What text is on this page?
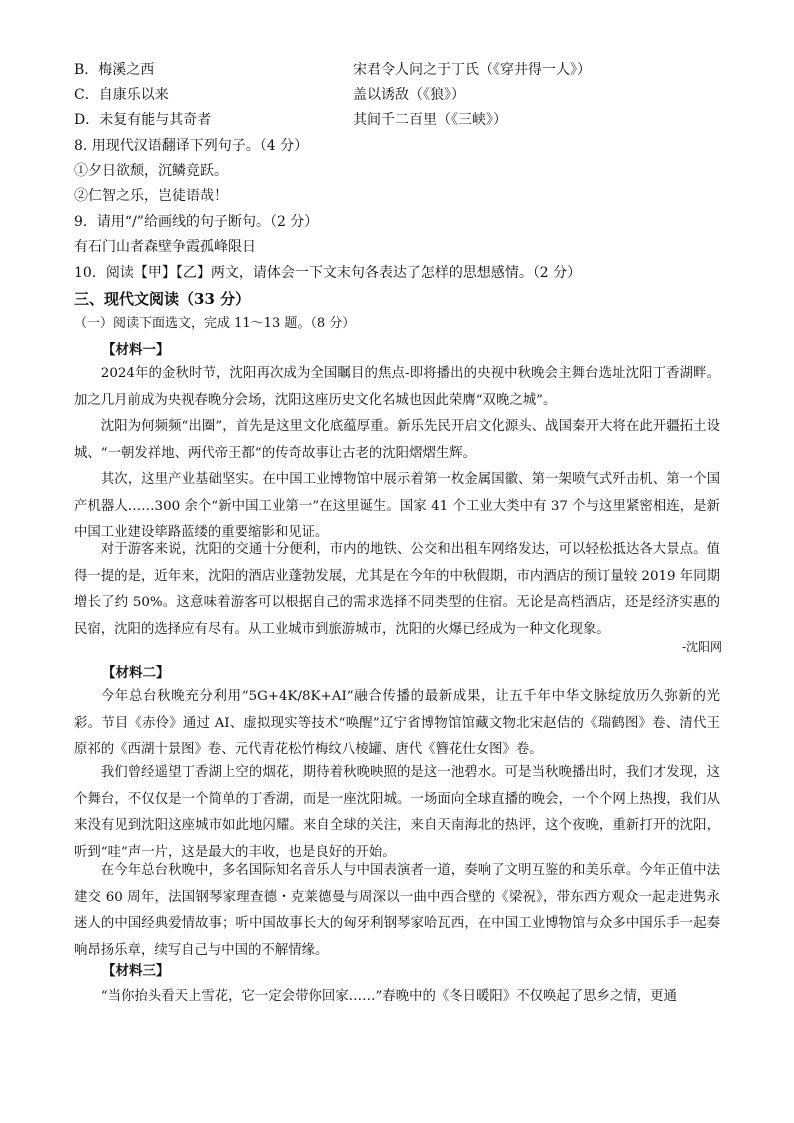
B．梅溪之西	宋君令人问之于丁氏（《穿井得一人》）
C．自康乐以来	盖以诱敌（《狼》）
D．未复有能与其奇者	其间千二百里（《三峡》）
8. 用现代汉语翻译下列句子。（4 分）
①夕日欲颓，沉鳞竞跃。
②仁智之乐，岂徒语哉！
9．请用“/”给画线的句子断句。（2 分）
有石门山者森壁争霞孤峰限日
10．阅读【甲】【乙】两文，请体会一下文末句各表达了怎样的思想感情。（2 分）
三、现代文阅读（33 分）
（一）阅读下面选文，完成 11～13 题。（8 分）
【材料一】
2024年的金秋时节，沈阳再次成为全国瞩目的焦点-即将播出的央视中秋晚会主舞台选址沈阳丁香湖畔。加之几月前成为央视春晚分会场，沈阳这座历史文化名城也因此荣膺“双晚之城”。
沈阳为何频频“出圈”，首先是这里文化底蕴厚重。新乐先民开启文化源头、战国秦开大将在此开疆拓土设城、“一朝发祥地、两代帝王都”的传奇故事让古老的沈阳熠熠生辉。
其次，这里产业基础坚实。在中国工业博物馆中展示着第一枚金属国徽、第一架喷气式歼击机、第一个国产机器人……300 余个“新中国工业第一”在这里诞生。国家 41 个工业大类中有 37 个与这里紧密相连，是新中国工业建设筚路蓝缕的重要缩影和见证。
对于游客来说，沈阳的交通十分便利，市内的地铁、公交和出租车网络发达，可以轻松抵达各大景点。值得一提的是，近年来，沈阳的酒店业蓬勃发展，尤其是在今年的中秋假期，市内酒店的预订量较 2019 年同期增长了约 50%。这意味着游客可以根据自己的需求选择不同类型的住宿。无论是高档酒店，还是经济实惠的民宿，沈阳的选择应有尽有。从工业城市到旅游城市，沈阳的火爆已经成为一种文化现象。
-沈阳网
【材料二】
今年总台秋晚充分利用“5G+4K/8K+AI”融合传播的最新成果，让五千年中华文脉绽放历久弥新的光彩。节目《赤伶》通过 AI、虚拟现实等技术“唤醒”辽宁省博物馆馆藏文物北宋赵佶的《瑞鹤图》卷、清代王原祁的《西湖十景图》卷、元代青花松竹梅纹八棱罐、唐代《簪花仕女图》卷。
我们曾经遥望丁香湖上空的烟花，期待着秋晚映照的是这一池碧水。可是当秋晚播出时，我们才发现，这个舞台，不仅仅是一个简单的丁香湖，而是一座沈阳城。一场面向全球直播的晚会，一个个网上热搜，我们从来没有见到沈阳这座城市如此地闪耀。来自全球的关注，来自天南海北的热评，这个夜晚，重新打开的沈阳，听到“哇”声一片，这是最大的丰收，也是良好的开始。
在今年总台秋晚中，多名国际知名音乐人与中国表演者一道，奏响了文明互鉴的和美乐章。今年正值中法建交 60 周年，法国钢琴家理查德・克莱德曼与周深以一曲中西合壁的《梁祝》，带东西方观众一起走进隽永迷人的中国经典爱情故事；听中国故事长大的匈牙利钢琴家哈瓦西，在中国工业博物馆与众多中国乐手一起奏响昂扬乐章，续写自己与中国的不解情缘。
【材料三】
“当你抬头看天上雪花，它一定会带你回家……”春晚中的《冬日暖阳》不仅唤起了思乡之情，更通
